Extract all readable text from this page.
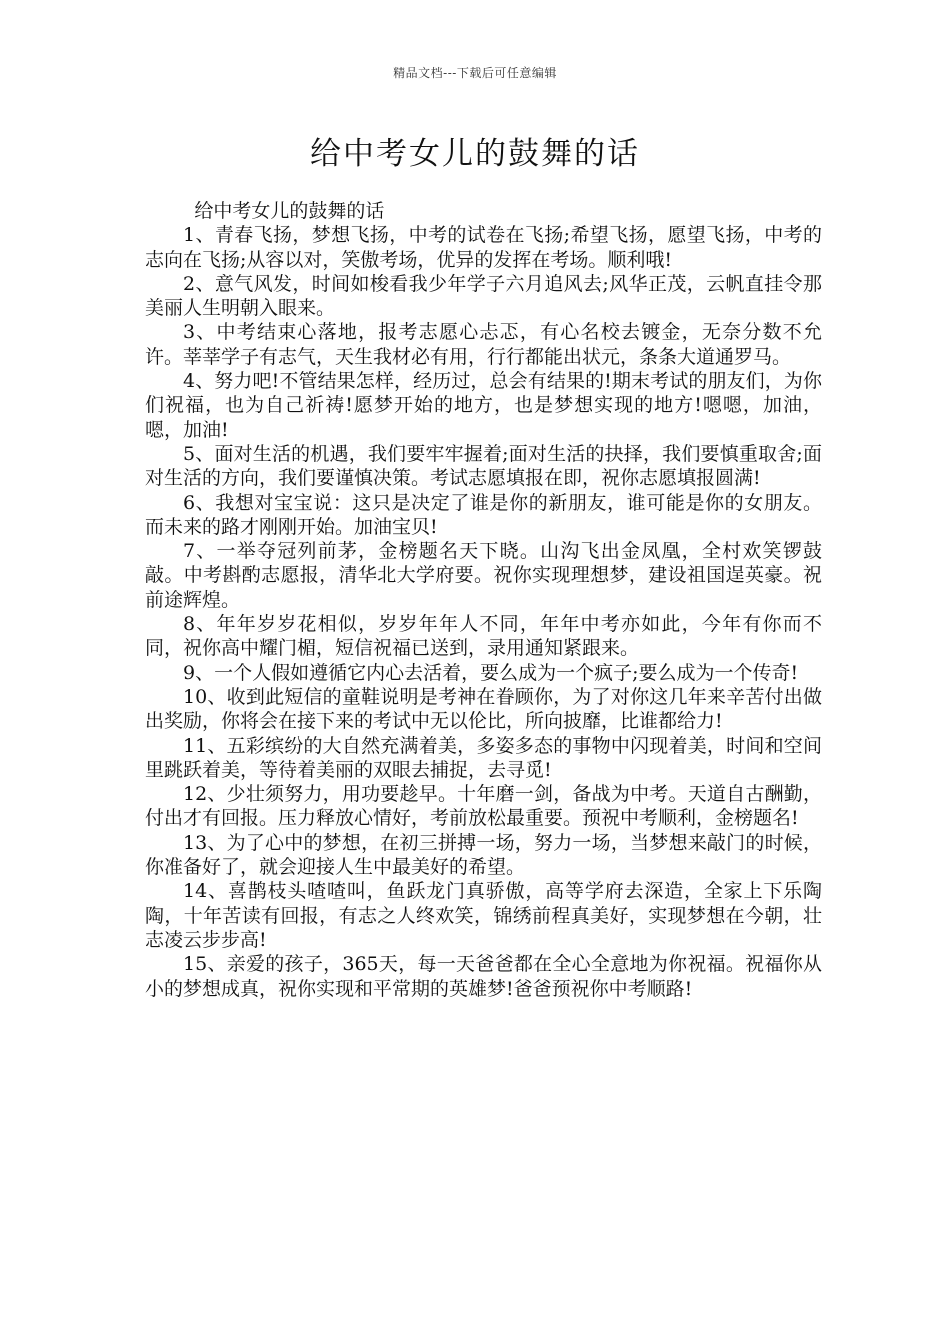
精品文档---下载后可任意编辑
给中考女儿的鼓舞的话

给中考女儿的鼓舞的话

1、青春飞扬，梦想飞扬，中考的试卷在飞扬;希望飞扬，愿望飞扬，中考的志向在飞扬;从容以对，笑傲考场，优异的发挥在考场。顺利哦!

2、意气风发，时间如梭看我少年学子六月追风去;风华正茂，云帆直挂令那美丽人生明朝入眼来。

3、中考结束心落地，报考志愿心忐忑，有心名校去镀金，无奈分数不允许。莘莘学子有志气，天生我材必有用，行行都能出状元，条条大道通罗马。

4、努力吧!不管结果怎样，经历过，总会有结果的!期末考试的朋友们，为你们祝福，也为自己祈祷!愿梦开始的地方，也是梦想实现的地方!嗯嗯，加油，嗯，加油!

5、面对生活的机遇，我们要牢牢握着;面对生活的抉择，我们要慎重取舍;面对生活的方向，我们要谨慎决策。考试志愿填报在即，祝你志愿填报圆满!

6、我想对宝宝说：这只是决定了谁是你的新朋友，谁可能是你的女朋友。而未来的路才刚刚开始。加油宝贝!

7、一举夺冠列前茅，金榜题名天下晓。山沟飞出金凤凰，全村欢笑锣鼓敲。中考斟酌志愿报，清华北大学府要。祝你实现理想梦，建设祖国逞英豪。祝前途辉煌。

8、年年岁岁花相似，岁岁年年人不同，年年中考亦如此，今年有你而不同，祝你高中耀门楣，短信祝福已送到，录用通知紧跟来。

9、一个人假如遵循它内心去活着，要么成为一个疯子;要么成为一个传奇!

10、收到此短信的童鞋说明是考神在眷顾你，为了对你这几年来辛苦付出做出奖励，你将会在接下来的考试中无以伦比，所向披靡，比谁都给力!

11、五彩缤纷的大自然充满着美，多姿多态的事物中闪现着美，时间和空间里跳跃着美，等待着美丽的双眼去捕捉，去寻觅!

12、少壮须努力，用功要趁早。十年磨一剑，备战为中考。天道自古酬勤，付出才有回报。压力释放心情好，考前放松最重要。预祝中考顺利，金榜题名!

13、为了心中的梦想，在初三拼搏一场，努力一场，当梦想来敲门的时候，你准备好了，就会迎接人生中最美好的希望。

14、喜鹊枝头喳喳叫，鱼跃龙门真骄傲，高等学府去深造，全家上下乐陶陶，十年苦读有回报，有志之人终欢笑，锦绣前程真美好，实现梦想在今朝，壮志凌云步步高!

15、亲爱的孩子，365天，每一天爸爸都在全心全意地为你祝福。祝福你从小的梦想成真，祝你实现和平常期的英雄梦!爸爸预祝你中考顺路!
